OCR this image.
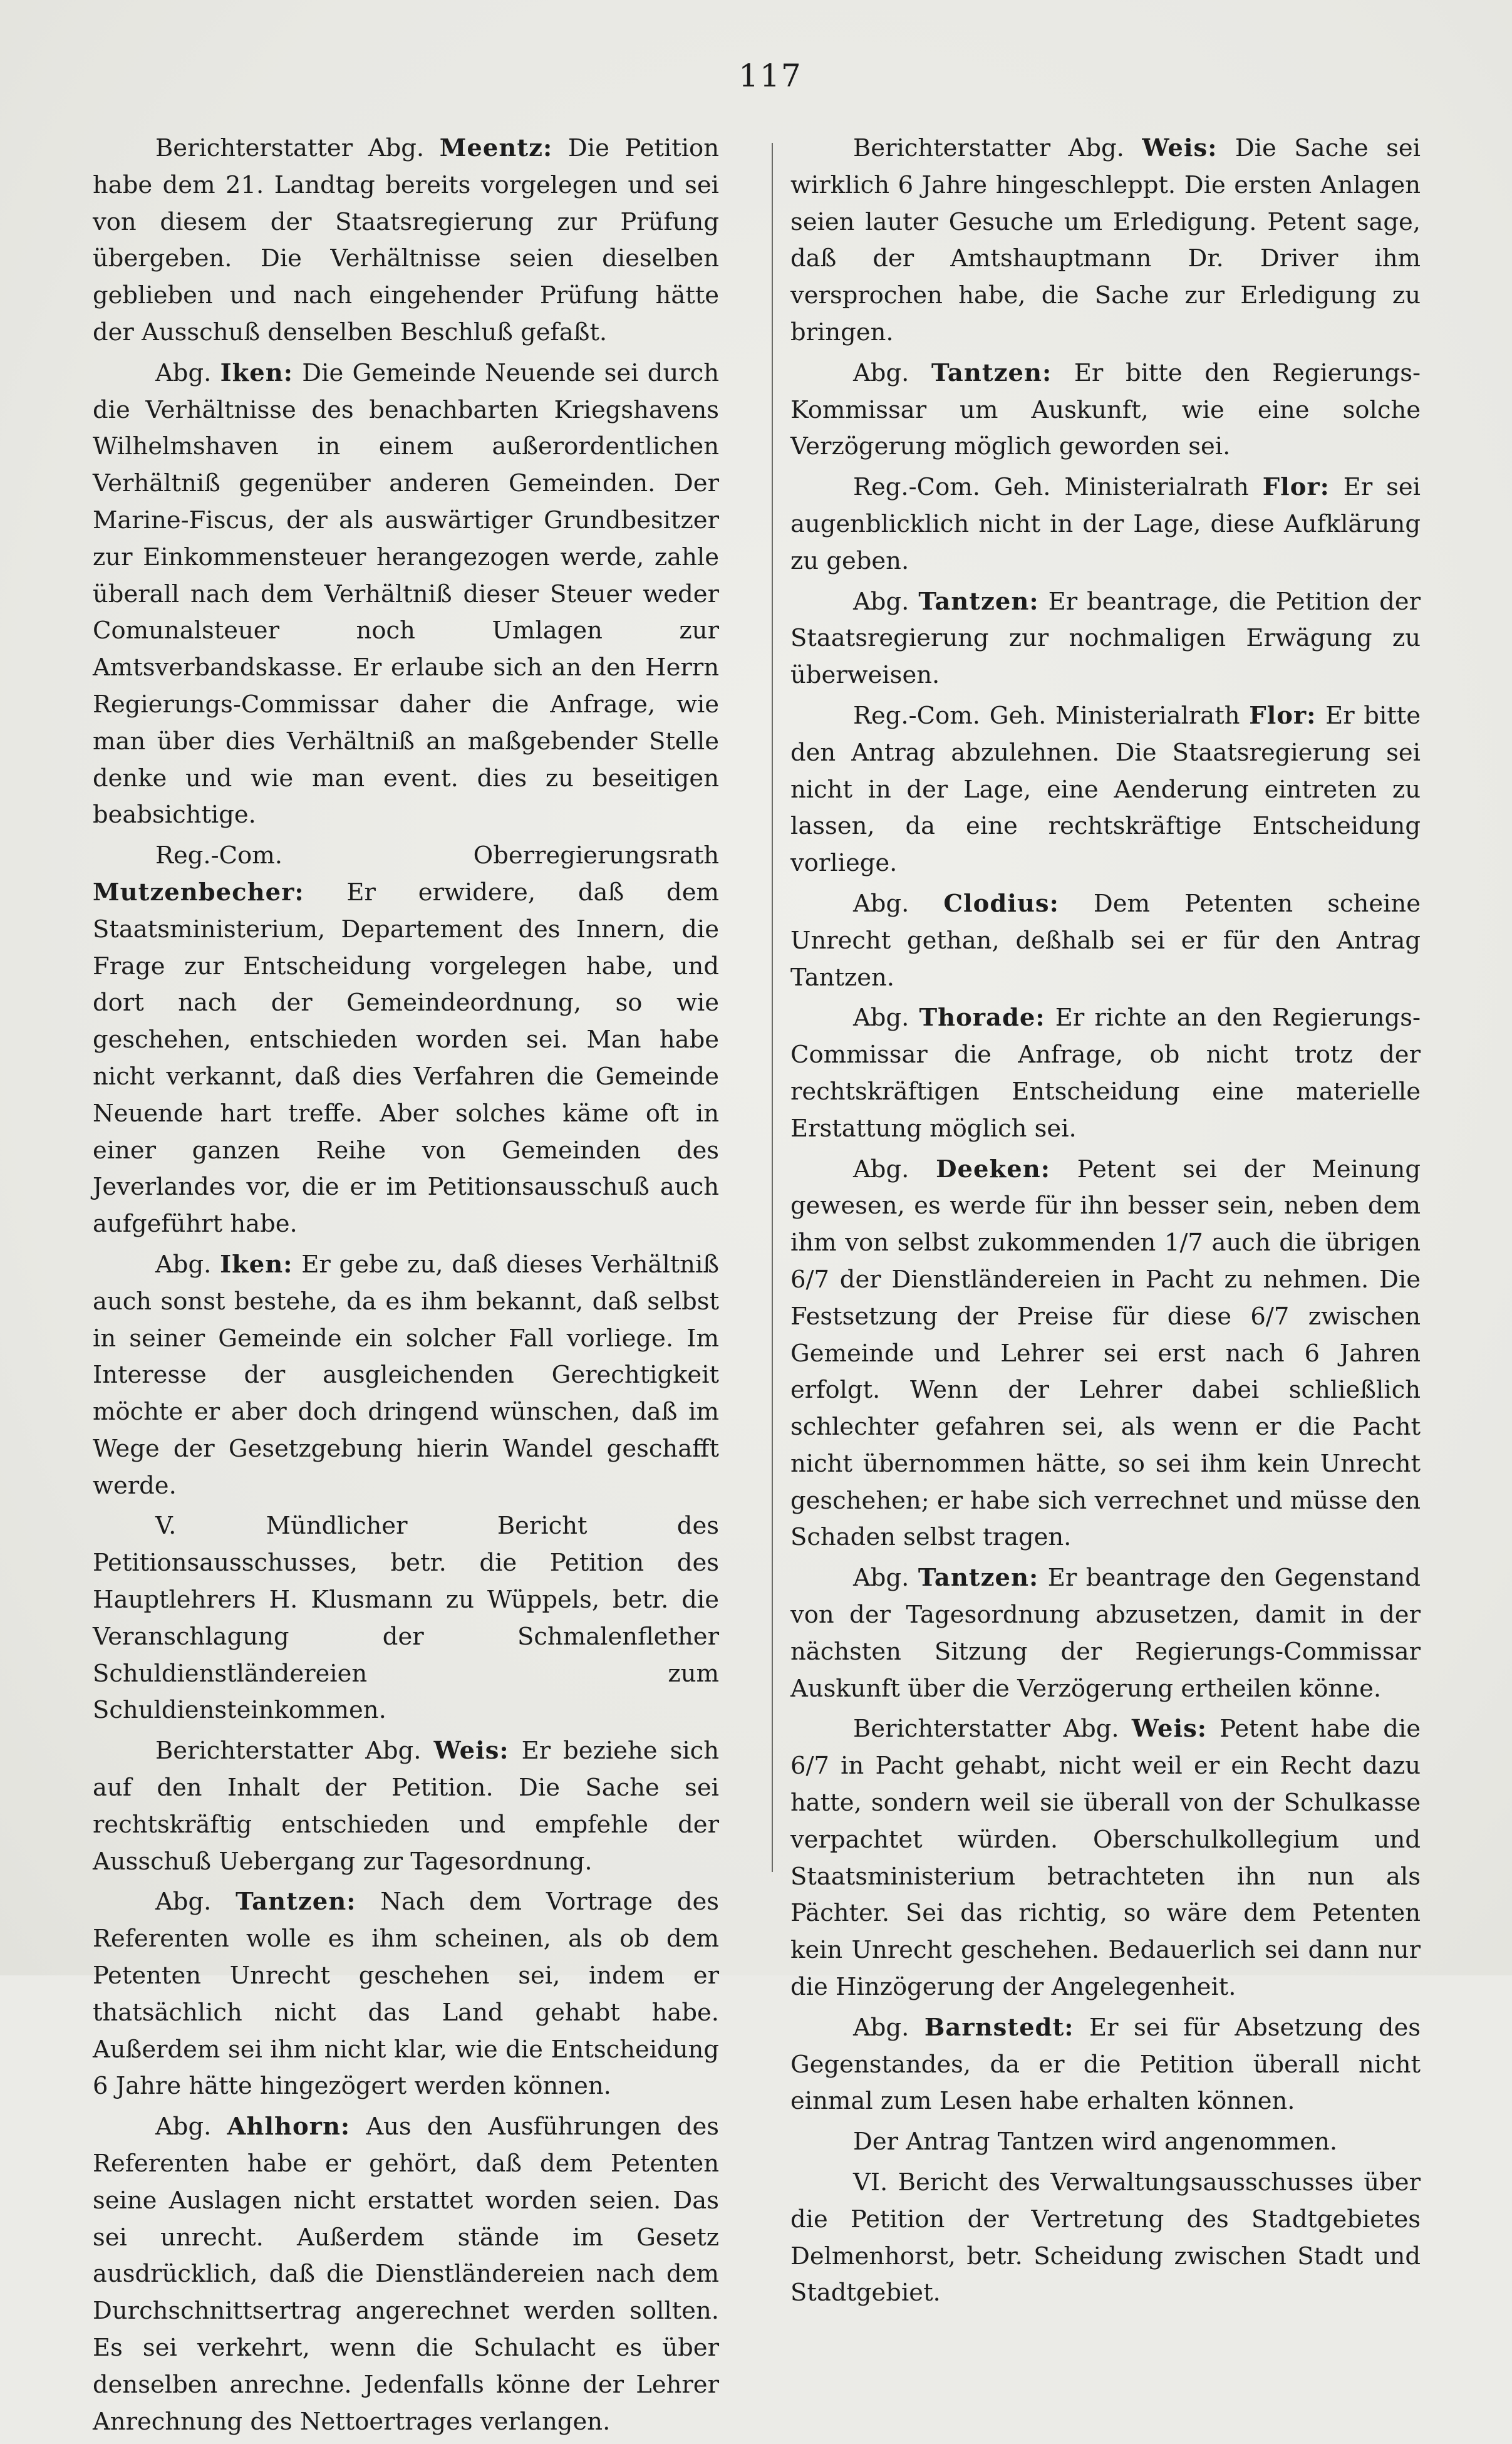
117

Berichterstatter Abg. Meentz: Die Petition habe dem 21. Landtag bereits vorgelegen und sei von diesem der Staatsregierung zur Prüfung übergeben. Die Verhältnisse seien dieselben geblieben und nach eingehender Prüfung hätte der Ausschuß denselben Beschluß gefaßt.

Abg. Iken: Die Gemeinde Neuende sei durch die Verhältnisse des benachbarten Kriegshavens Wilhelmshaven in einem außerordentlichen Verhältniß gegenüber anderen Gemeinden. Der Marine-Fiscus, der als auswärtiger Grundbesitzer zur Einkommensteuer herangezogen werde, zahle überall nach dem Verhältniß dieser Steuer weder Comunalsteuer noch Umlagen zur Amtsverbandskasse. Er erlaube sich an den Herrn Regierungs-Commissar daher die Anfrage, wie man über dies Verhältniß an maßgebender Stelle denke und wie man event. dies zu beseitigen beabsichtige.

Reg.-Com. Oberregierungsrath Mutzenbecher: Er erwidere, daß dem Staatsministerium, Departement des Innern, die Frage zur Entscheidung vorgelegen habe, und dort nach der Gemeindeordnung, so wie geschehen, entschieden worden sei. Man habe nicht verkannt, daß dies Verfahren die Gemeinde Neuende hart treffe. Aber solches käme oft in einer ganzen Reihe von Gemeinden des Jeverlandes vor, die er im Petitionsausschuß auch aufgeführt habe.

Abg. Iken: Er gebe zu, daß dieses Verhältniß auch sonst bestehe, da es ihm bekannt, daß selbst in seiner Gemeinde ein solcher Fall vorliege. Im Interesse der ausgleichenden Gerechtigkeit möchte er aber doch dringend wünschen, daß im Wege der Gesetzgebung hierin Wandel geschafft werde.

V. Mündlicher Bericht des Petitionsausschusses, betr. die Petition des Hauptlehrers H. Klusmann zu Wüppels, betr. die Veranschlagung der Schmalenflether Schuldienstländereien zum Schuldiensteinkommen.

Berichterstatter Abg. Weis: Er beziehe sich auf den Inhalt der Petition. Die Sache sei rechtskräftig entschieden und empfehle der Ausschuß Uebergang zur Tagesordnung.

Abg. Tantzen: Nach dem Vortrage des Referenten wolle es ihm scheinen, als ob dem Petenten Unrecht geschehen sei, indem er thatsächlich nicht das Land gehabt habe. Außerdem sei ihm nicht klar, wie die Entscheidung 6 Jahre hätte hingezögert werden können.

Abg. Ahlhorn: Aus den Ausführungen des Referenten habe er gehört, daß dem Petenten seine Auslagen nicht erstattet worden seien. Das sei unrecht. Außerdem stände im Gesetz ausdrücklich, daß die Dienstländereien nach dem Durchschnittsertrag angerechnet werden sollten. Es sei verkehrt, wenn die Schulacht es über denselben anrechne. Jedenfalls könne der Lehrer Anrechnung des Nettoertrages verlangen.

Berichterstatter Abg. Weis: Die Sache sei wirklich 6 Jahre hingeschleppt. Die ersten Anlagen seien lauter Gesuche um Erledigung. Petent sage, daß der Amtshauptmann Dr. Driver ihm versprochen habe, die Sache zur Erledigung zu bringen.

Abg. Tantzen: Er bitte den Regierungs-Kommissar um Auskunft, wie eine solche Verzögerung möglich geworden sei.

Reg.-Com. Geh. Ministerialrath Flor: Er sei augenblicklich nicht in der Lage, diese Aufklärung zu geben.

Abg. Tantzen: Er beantrage, die Petition der Staatsregierung zur nochmaligen Erwägung zu überweisen.

Reg.-Com. Geh. Ministerialrath Flor: Er bitte den Antrag abzulehnen. Die Staatsregierung sei nicht in der Lage, eine Aenderung eintreten zu lassen, da eine rechtskräftige Entscheidung vorliege.

Abg. Clodius: Dem Petenten scheine Unrecht gethan, deßhalb sei er für den Antrag Tantzen.

Abg. Thorade: Er richte an den Regierungs-Commissar die Anfrage, ob nicht trotz der rechtskräftigen Entscheidung eine materielle Erstattung möglich sei.

Abg. Deeken: Petent sei der Meinung gewesen, es werde für ihn besser sein, neben dem ihm von selbst zukommenden 1/7 auch die übrigen 6/7 der Dienstländereien in Pacht zu nehmen. Die Festsetzung der Preise für diese 6/7 zwischen Gemeinde und Lehrer sei erst nach 6 Jahren erfolgt. Wenn der Lehrer dabei schließlich schlechter gefahren sei, als wenn er die Pacht nicht übernommen hätte, so sei ihm kein Unrecht geschehen; er habe sich verrechnet und müsse den Schaden selbst tragen.

Abg. Tantzen: Er beantrage den Gegenstand von der Tagesordnung abzusetzen, damit in der nächsten Sitzung der Regierungs-Commissar Auskunft über die Verzögerung ertheilen könne.

Berichterstatter Abg. Weis: Petent habe die 6/7 in Pacht gehabt, nicht weil er ein Recht dazu hatte, sondern weil sie überall von der Schulkasse verpachtet würden. Oberschulkollegium und Staatsministerium betrachteten ihn nun als Pächter. Sei das richtig, so wäre dem Petenten kein Unrecht geschehen. Bedauerlich sei dann nur die Hinzögerung der Angelegenheit.

Abg. Barnstedt: Er sei für Absetzung des Gegenstandes, da er die Petition überall nicht einmal zum Lesen habe erhalten können.

Der Antrag Tantzen wird angenommen.

VI. Bericht des Verwaltungsausschusses über die Petition der Vertretung des Stadtgebietes Delmenhorst, betr. Scheidung zwischen Stadt und Stadtgebiet.
